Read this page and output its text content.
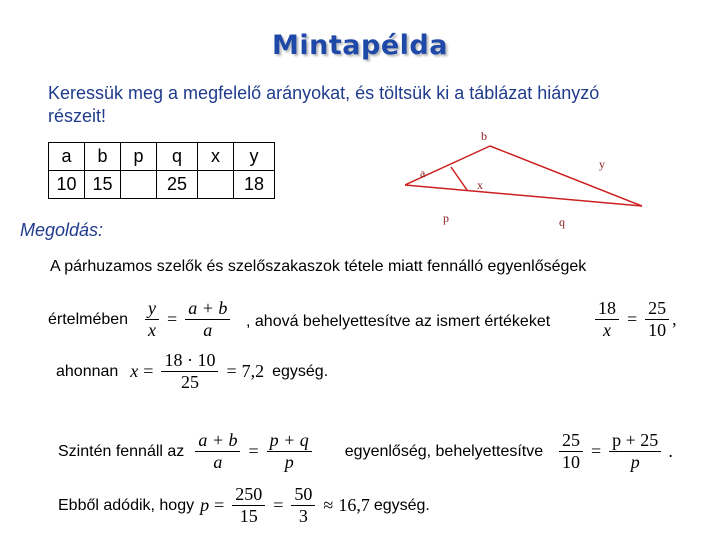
Mintapélda
Keressük meg a megfelelő arányokat, és töltsük ki a táblázat hiányzó részeit!
a	b	p	q	x	y
10	15		25		18
b
y
a
x
p	q
Megoldás:
A párhuzamos szelők és szelőszakaszok tétele miatt fennálló egyenlőségek
értelmében $\frac{y}{x} = \frac{a + b}{a}$ , ahová behelyettesítve az ismert értékeket $\frac{18}{x} = \frac{25}{10}$ ,
ahonnan $x = \frac{18 \cdot 10}{25} = 7,2$ egység.
Szintén fennáll az $\frac{a + b}{a} = \frac{p + q}{p}$ egyenlőség, behelyettesítve $\frac{25}{10} = \frac{p + 25}{p}$ .
Ebből adódik, hogy $p = \frac{250}{15} = \frac{50}{3} \approx 16,7$ egység.
